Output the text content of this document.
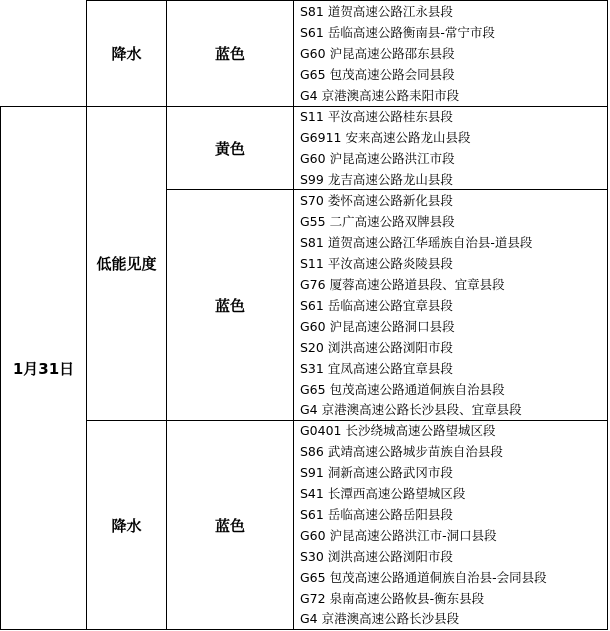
1月31日
降水	蓝色
S81 道贺高速公路江永县段
S61 岳临高速公路衡南县-常宁市段
G60 沪昆高速公路邵东县段
G65 包茂高速公路会同县段
G4 京港澳高速公路耒阳市段
低能见度
黄色
S11 平汝高速公路桂东县段
G6911 安来高速公路龙山县段
G60 沪昆高速公路洪江市段
S99 龙吉高速公路龙山县段
蓝色
S70 娄怀高速公路新化县段
G55 二广高速公路双牌县段
S81 道贺高速公路江华瑶族自治县-道县段
S11 平汝高速公路炎陵县段
G76 厦蓉高速公路道县段、宜章县段
S61 岳临高速公路宜章县段
G60 沪昆高速公路洞口县段
S20 浏洪高速公路浏阳市段
S31 宜凤高速公路宜章县段
G65 包茂高速公路通道侗族自治县段
G4 京港澳高速公路长沙县段、宜章县段
降水	蓝色
G0401 长沙绕城高速公路望城区段
S86 武靖高速公路城步苗族自治县段
S91 洞新高速公路武冈市段
S41 长潭西高速公路望城区段
S61 岳临高速公路岳阳县段
G60 沪昆高速公路洪江市-洞口县段
S30 浏洪高速公路浏阳市段
G65 包茂高速公路通道侗族自治县-会同县段
G72 泉南高速公路攸县-衡东县段
G4 京港澳高速公路长沙县段
